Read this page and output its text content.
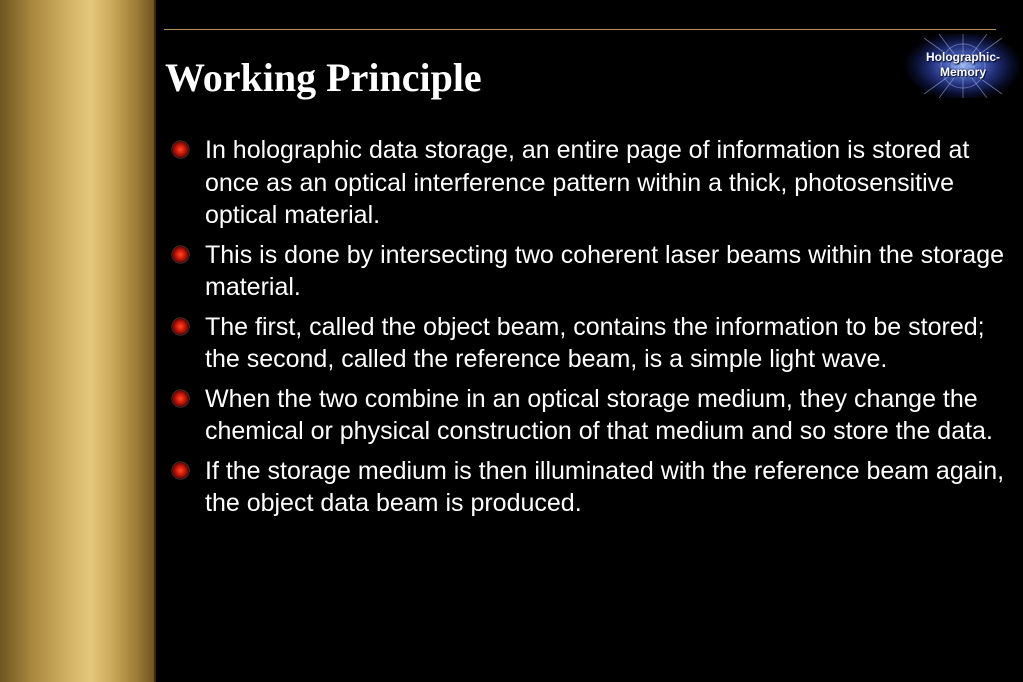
Working Principle	Holographic-
Memory
In holographic data storage, an entire page of information is stored at once as an optical interference pattern within a thick, photosensitive optical material.
This is done by intersecting two coherent laser beams within the storage material.
The first, called the object beam, contains the information to be stored; the second, called the reference beam, is a simple light wave.
When the two combine in an optical storage medium, they change the chemical or physical construction of that medium and so store the data.
If the storage medium is then illuminated with the reference beam again, the object data beam is produced.
